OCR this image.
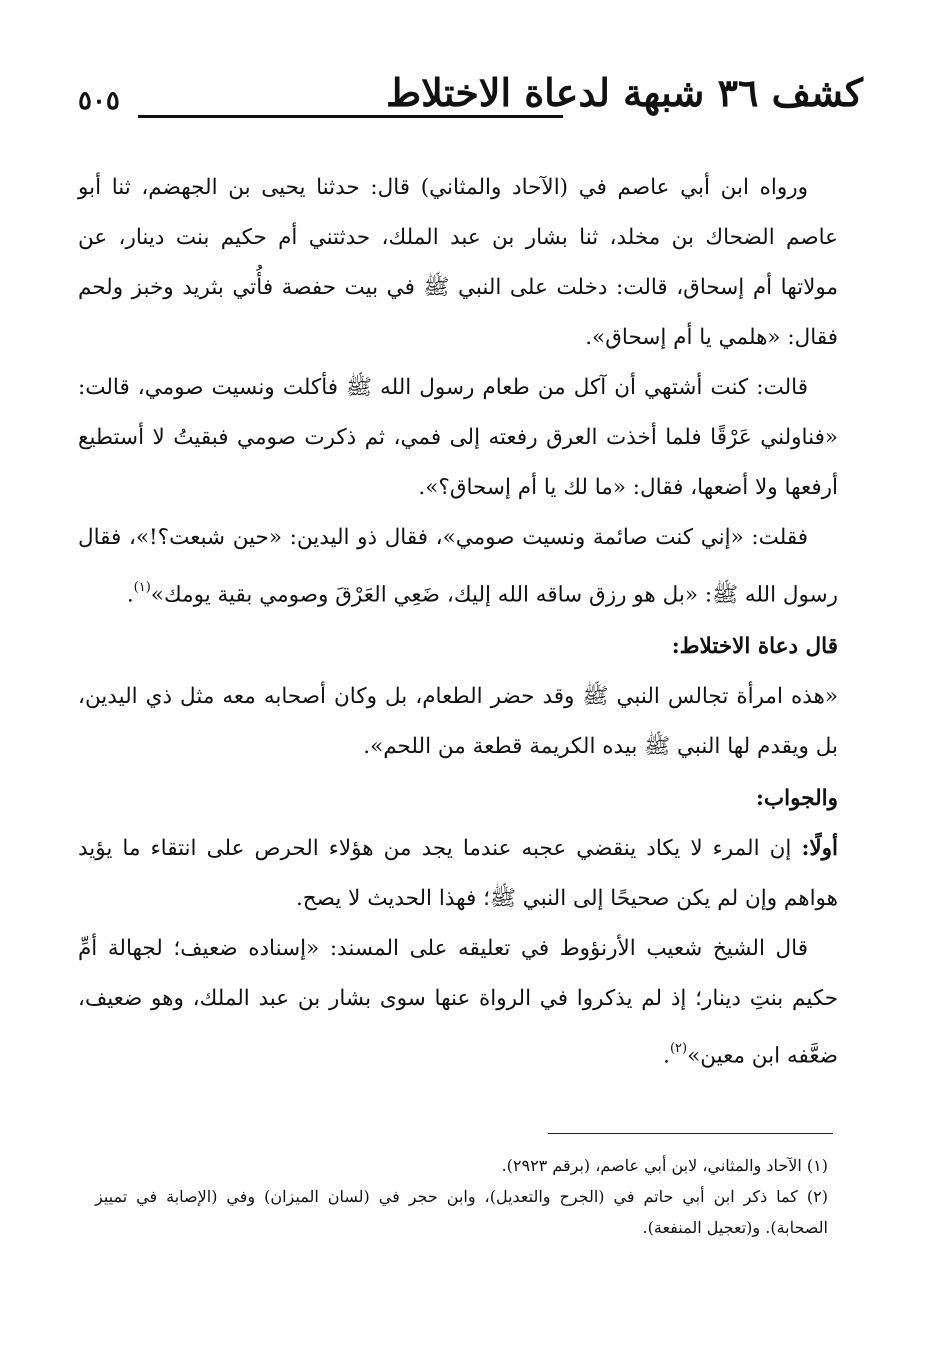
كشف ٣٦ شبهة لدعاة الاختلاط
٥٠٥

ورواه ابن أبي عاصم في (الآحاد والمثاني) قال: حدثنا يحيى بن الجهضم، ثنا أبو عاصم الضحاك بن مخلد، ثنا بشار بن عبد الملك، حدثتني أم حكيم بنت دينار، عن مولاتها أم إسحاق، قالت: دخلت على النبي ﷺ في بيت حفصة فأُتي بثريد وخبز ولحم فقال: «هلمي يا أم إسحاق».

قالت: كنت أشتهي أن آكل من طعام رسول الله ﷺ فأكلت ونسيت صومي، قالت: «فناولني عَرْقًا فلما أخذت العرق رفعته إلى فمي، ثم ذكرت صومي فبقيتُ لا أستطيع أرفعها ولا أضعها، فقال: «ما لك يا أم إسحاق؟».

فقلت: «إني كنت صائمة ونسيت صومي»، فقال ذو اليدين: «حين شبعت؟!»، فقال رسول الله ﷺ: «بل هو رزق ساقه الله إليك، ضَعِي العَرْقَ وصومي بقية يومك»$^{(١)}$.

قال دعاة الاختلاط:

«هذه امرأة تجالس النبي ﷺ وقد حضر الطعام، بل وكان أصحابه معه مثل ذي اليدين، بل ويقدم لها النبي ﷺ بيده الكريمة قطعة من اللحم».

والجواب:

أولًا: إن المرء لا يكاد ينقضي عجبه عندما يجد من هؤلاء الحرص على انتقاء ما يؤيد هواهم وإن لم يكن صحيحًا إلى النبي ﷺ؛ فهذا الحديث لا يصح.

قال الشيخ شعيب الأرنؤوط في تعليقه على المسند: «إسناده ضعيف؛ لجهالة أمِّ حكيم بنتِ دينار؛ إذ لم يذكروا في الرواة عنها سوى بشار بن عبد الملك، وهو ضعيف، ضعَّفه ابن معين»$^{(٢)}$.

(١) الآحاد والمثاني، لابن أبي عاصم، (برقم ٢٩٢٣).

(٢) كما ذكر ابن أبي حاتم في (الجرح والتعديل)، وابن حجر في (لسان الميزان) وفي (الإصابة في تمييز الصحابة). و(تعجيل المنفعة).
